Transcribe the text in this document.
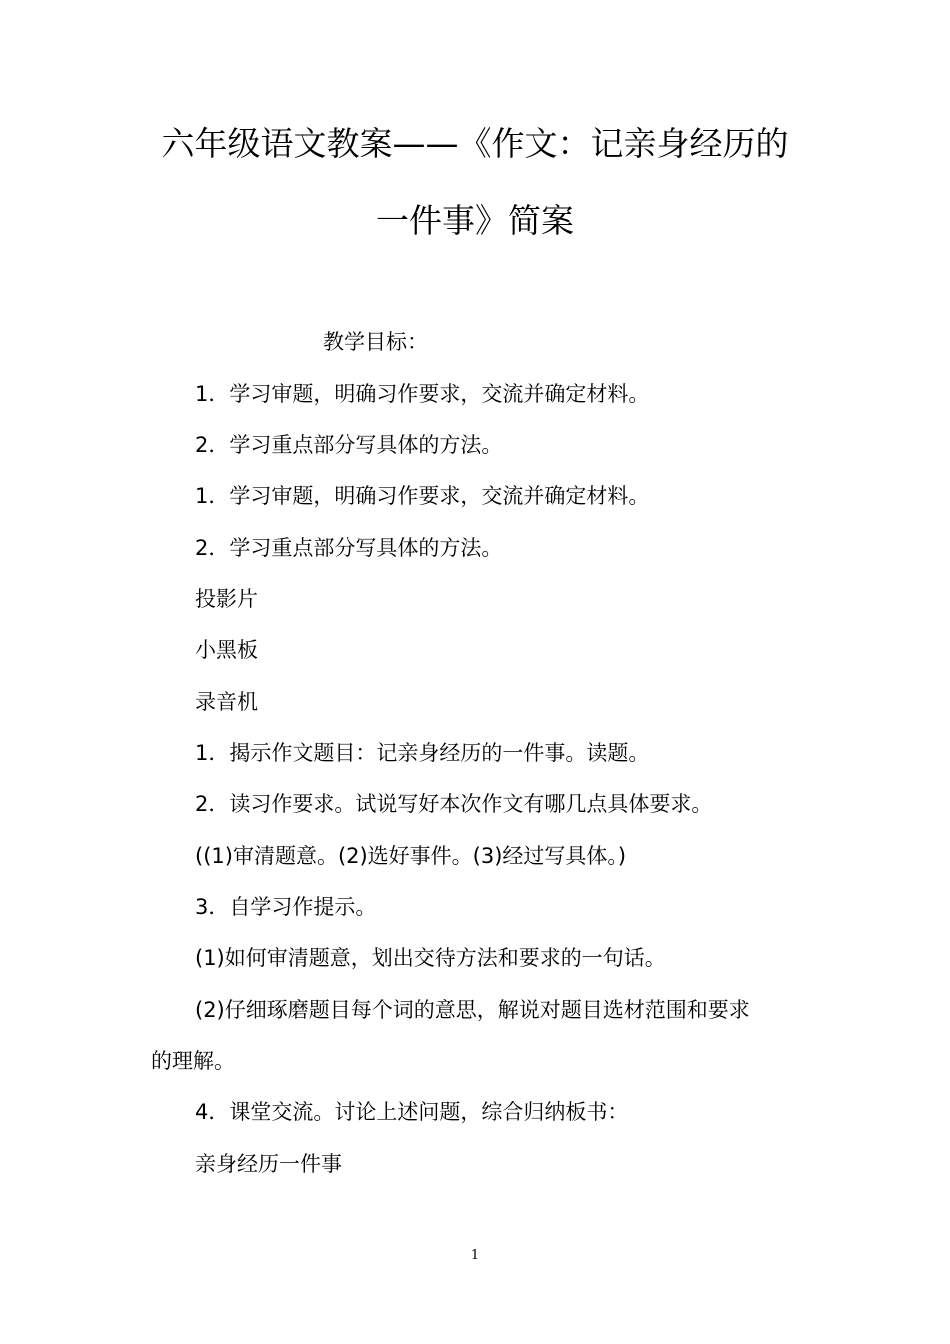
六年级语文教案——《作文：记亲身经历的
一件事》简案
教学目标：
1．学习审题，明确习作要求，交流并确定材料。
2．学习重点部分写具体的方法。
1．学习审题，明确习作要求，交流并确定材料。
2．学习重点部分写具体的方法。
投影片
小黑板
录音机
1．揭示作文题目：记亲身经历的一件事。读题。
2．读习作要求。试说写好本次作文有哪几点具体要求。
((1)审清题意。(2)选好事件。(3)经过写具体。)
3．自学习作提示。
(1)如何审清题意，划出交待方法和要求的一句话。
(2)仔细琢磨题目每个词的意思，解说对题目选材范围和要求
的理解。
4．课堂交流。讨论上述问题，综合归纳板书：
亲身经历一件事
1
